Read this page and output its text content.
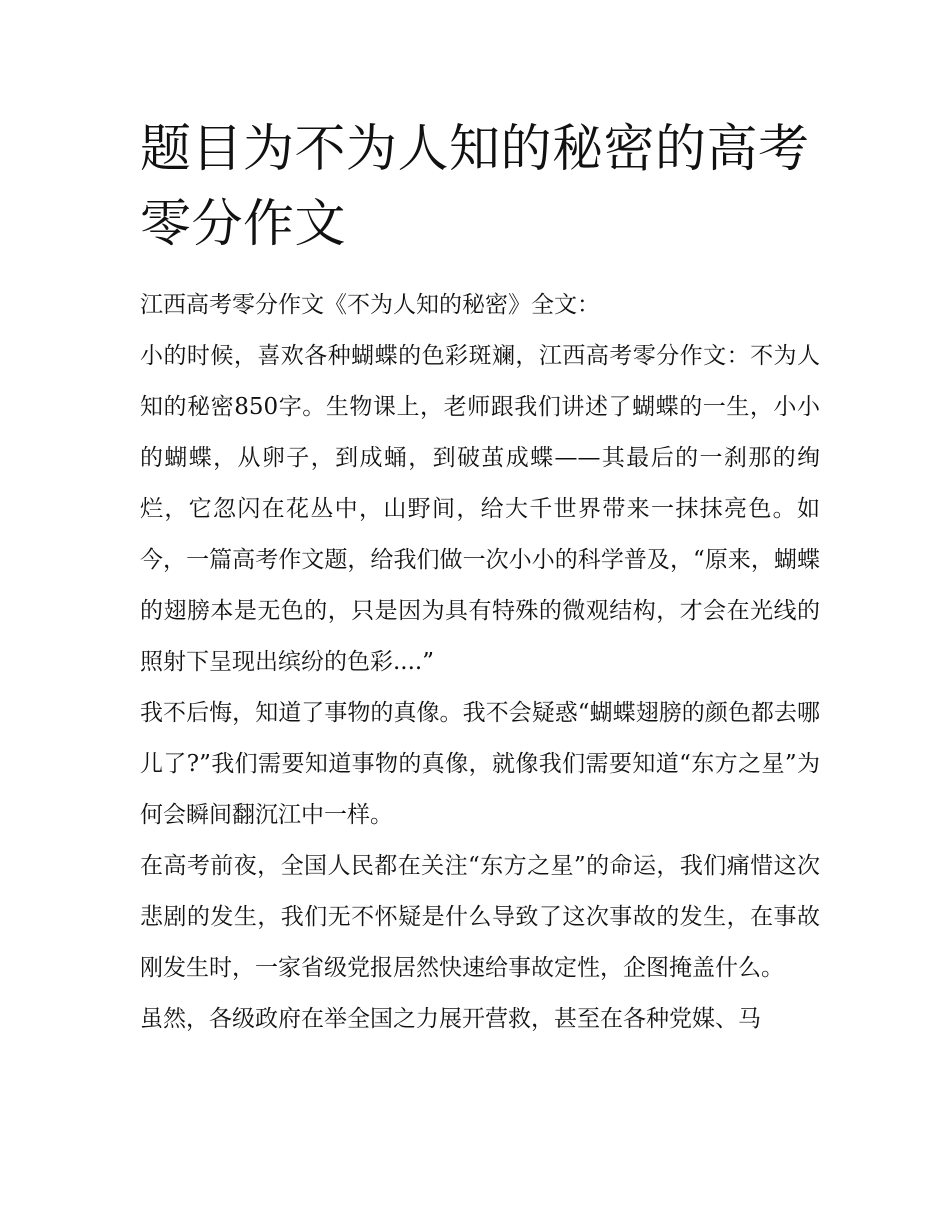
题目为不为人知的秘密的高考零分作文

江西高考零分作文《不为人知的秘密》全文：

小的时候，喜欢各种蝴蝶的色彩斑斓，江西高考零分作文：不为人知的秘密850字。生物课上，老师跟我们讲述了蝴蝶的一生，小小的蝴蝶，从卵子，到成蛹，到破茧成蝶——其最后的一刹那的绚烂，它忽闪在花丛中，山野间，给大千世界带来一抹抹亮色。如今，一篇高考作文题，给我们做一次小小的科学普及，“原来，蝴蝶的翅膀本是无色的，只是因为具有特殊的微观结构，才会在光线的照射下呈现出缤纷的色彩....”

我不后悔，知道了事物的真像。我不会疑惑“蝴蝶翅膀的颜色都去哪儿了?”我们需要知道事物的真像，就像我们需要知道“东方之星”为何会瞬间翻沉江中一样。

在高考前夜，全国人民都在关注“东方之星”的命运，我们痛惜这次悲剧的发生，我们无不怀疑是什么导致了这次事故的发生，在事故刚发生时，一家省级党报居然快速给事故定性，企图掩盖什么。

虽然，各级政府在举全国之力展开营救，甚至在各种党媒、马
